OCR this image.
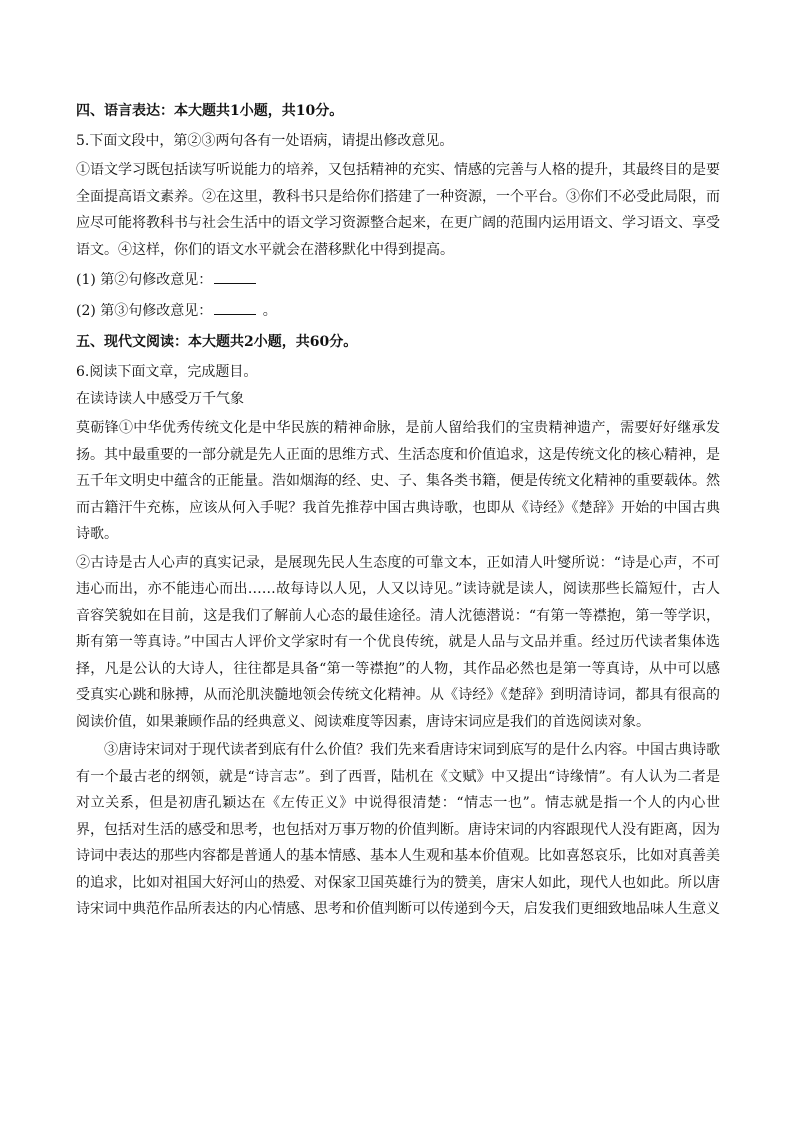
四、语言表达：本大题共1小题，共10分。

5.下面文段中，第②③两句各有一处语病，请提出修改意见。

①语文学习既包括读写听说能力的培养，又包括精神的充实、情感的完善与人格的提升，其最终目的是要全面提高语文素养。②在这里，教科书只是给你们搭建了一种资源，一个平台。③你们不必受此局限，而应尽可能将教科书与社会生活中的语文学习资源整合起来，在更广阔的范围内运用语文、学习语文、享受语文。④这样，你们的语文水平就会在潜移默化中得到提高。

(1) 第②句修改意见：

(2) 第③句修改意见：	。

五、现代文阅读：本大题共2小题，共60分。

6.阅读下面文章，完成题目。

在读诗读人中感受万千气象

莫砺锋①中华优秀传统文化是中华民族的精神命脉，是前人留给我们的宝贵精神遗产，需要好好继承发扬。其中最重要的一部分就是先人正面的思维方式、生活态度和价值追求，这是传统文化的核心精神，是五千年文明史中蕴含的正能量。浩如烟海的经、史、子、集各类书籍，便是传统文化精神的重要载体。然而古籍汗牛充栋，应该从何入手呢？我首先推荐中国古典诗歌，也即从《诗经》《楚辞》开始的中国古典诗歌。

②古诗是古人心声的真实记录，是展现先民人生态度的可靠文本，正如清人叶燮所说：“诗是心声，不可违心而出，亦不能违心而出……故每诗以人见，人又以诗见。”读诗就是读人，阅读那些长篇短什，古人音容笑貌如在目前，这是我们了解前人心态的最佳途径。清人沈德潜说：“有第一等襟抱，第一等学识，斯有第一等真诗。”中国古人评价文学家时有一个优良传统，就是人品与文品并重。经过历代读者集体选择，凡是公认的大诗人，往往都是具备“第一等襟抱”的人物，其作品必然也是第一等真诗，从中可以感受真实心跳和脉搏，从而沦肌浃髓地领会传统文化精神。从《诗经》《楚辞》到明清诗词，都具有很高的阅读价值，如果兼顾作品的经典意义、阅读难度等因素，唐诗宋词应是我们的首选阅读对象。

③唐诗宋词对于现代读者到底有什么价值？我们先来看唐诗宋词到底写的是什么内容。中国古典诗歌有一个最古老的纲领，就是“诗言志”。到了西晋，陆机在《文赋》中又提出“诗缘情”。有人认为二者是对立关系，但是初唐孔颖达在《左传正义》中说得很清楚：“情志一也”。情志就是指一个人的内心世界，包括对生活的感受和思考，也包括对万事万物的价值判断。唐诗宋词的内容跟现代人没有距离，因为诗词中表达的那些内容都是普通人的基本情感、基本人生观和基本价值观。比如喜怒哀乐，比如对真善美的追求，比如对祖国大好河山的热爱、对保家卫国英雄行为的赞美，唐宋人如此，现代人也如此。所以唐诗宋词中典范作品所表达的内心情感、思考和价值判断可以传递到今天，启发我们更细致地品味人生意义
